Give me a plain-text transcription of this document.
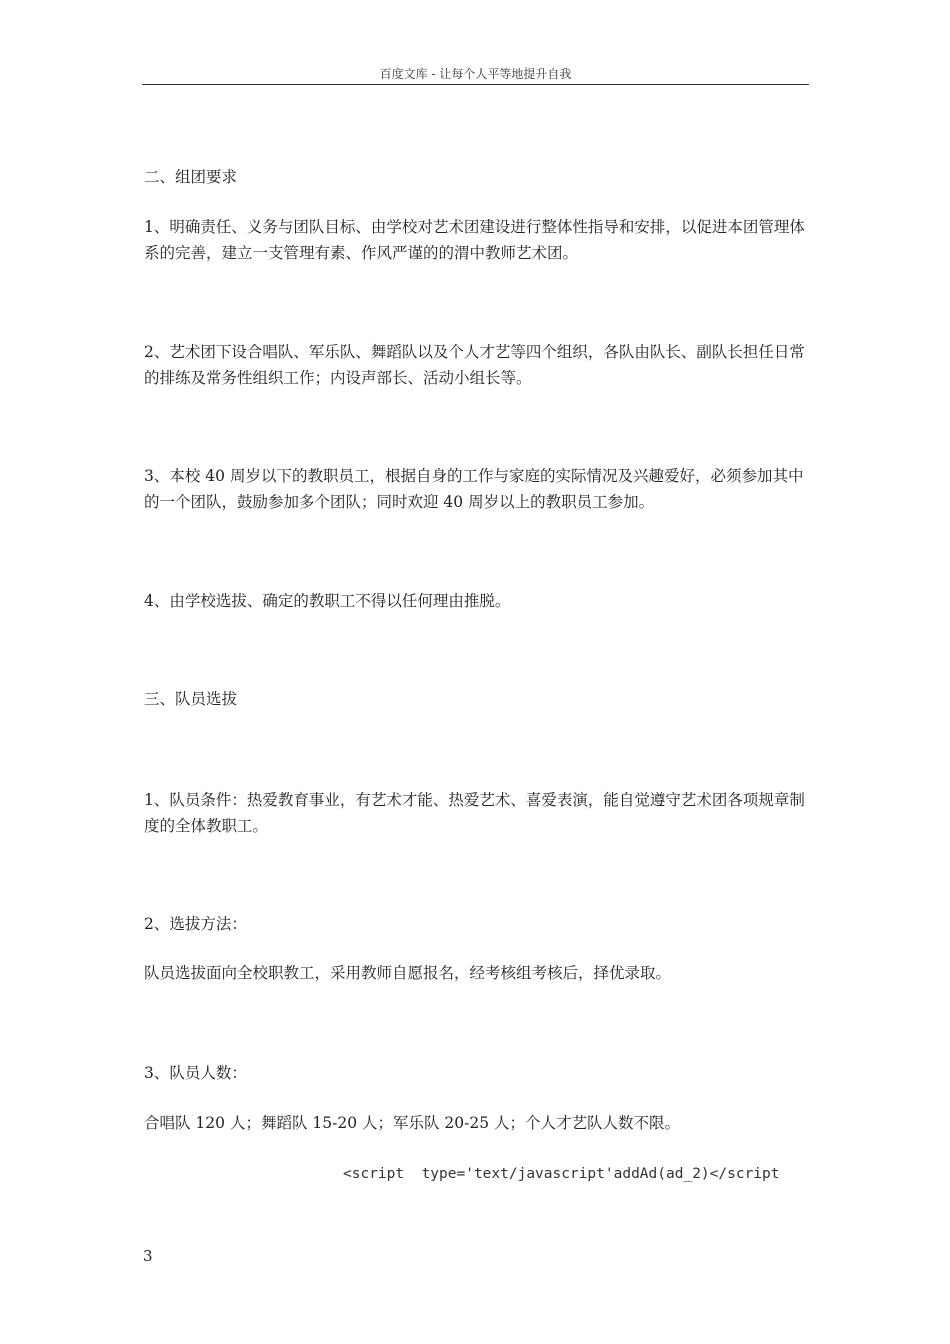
百度文库 - 让每个人平等地提升自我

二、组团要求

1、明确责任、义务与团队目标、由学校对艺术团建设进行整体性指导和安排，以促进本团管理体系的完善，建立一支管理有素、作风严谨的的渭中教师艺术团。

2、艺术团下设合唱队、军乐队、舞蹈队以及个人才艺等四个组织，各队由队长、副队长担任日常的排练及常务性组织工作；内设声部长、活动小组长等。

3、本校 40 周岁以下的教职员工，根据自身的工作与家庭的实际情况及兴趣爱好，必须参加其中的一个团队，鼓励参加多个团队；同时欢迎 40 周岁以上的教职员工参加。

4、由学校选拔、确定的教职工不得以任何理由推脱。

三、队员选拔

1、队员条件：热爱教育事业，有艺术才能、热爱艺术、喜爱表演，能自觉遵守艺术团各项规章制度的全体教职工。

2、选拔方法：

队员选拔面向全校职教工，采用教师自愿报名，经考核组考核后，择优录取。

3、队员人数：

合唱队 120 人；舞蹈队 15-20 人；军乐队 20-25 人；个人才艺队人数不限。

<script  type='text/javascript'addAd(ad_2)</script
3
